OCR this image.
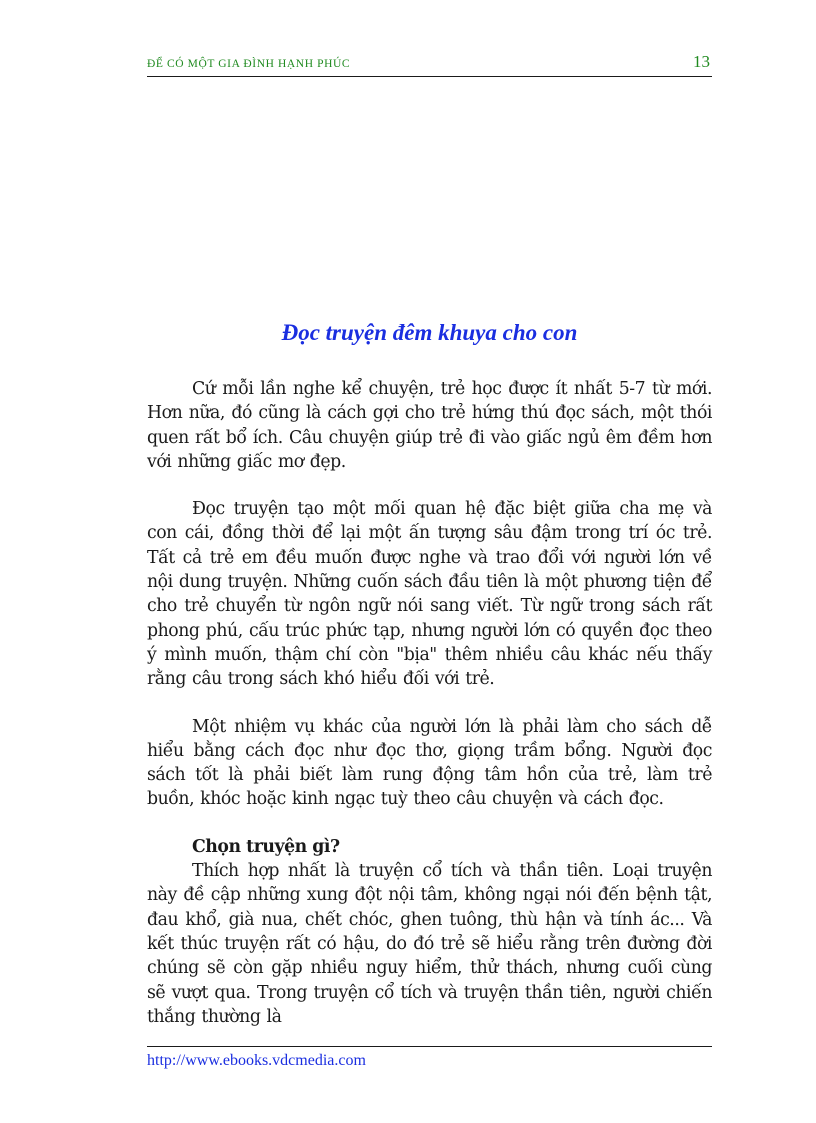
ĐỂ CÓ MỘT GIA ĐÌNH HẠNH PHÚC	13
Đọc truyện đêm khuya cho con

Cứ mỗi lần nghe kể chuyện, trẻ học được ít nhất 5-7 từ mới. Hơn nữa, đó cũng là cách gợi cho trẻ hứng thú đọc sách, một thói quen rất bổ ích. Câu chuyện giúp trẻ đi vào giấc ngủ êm đềm hơn với những giấc mơ đẹp.

Đọc truyện tạo một mối quan hệ đặc biệt giữa cha mẹ và con cái, đồng thời để lại một ấn tượng sâu đậm trong trí óc trẻ. Tất cả trẻ em đều muốn được nghe và trao đổi với người lớn về nội dung truyện. Những cuốn sách đầu tiên là một phương tiện để cho trẻ chuyển từ ngôn ngữ nói sang viết. Từ ngữ trong sách rất phong phú, cấu trúc phức tạp, nhưng người lớn có quyền đọc theo ý mình muốn, thậm chí còn "bịa" thêm nhiều câu khác nếu thấy rằng câu trong sách khó hiểu đối với trẻ.

Một nhiệm vụ khác của người lớn là phải làm cho sách dễ hiểu bằng cách đọc như đọc thơ, giọng trầm bổng. Người đọc sách tốt là phải biết làm rung động tâm hồn của trẻ, làm trẻ buồn, khóc hoặc kinh ngạc tuỳ theo câu chuyện và cách đọc.

Chọn truyện gì?

Thích hợp nhất là truyện cổ tích và thần tiên. Loại truyện này đề cập những xung đột nội tâm, không ngại nói đến bệnh tật, đau khổ, già nua, chết chóc, ghen tuông, thù hận và tính ác... Và kết thúc truyện rất có hậu, do đó trẻ sẽ hiểu rằng trên đường đời chúng sẽ còn gặp nhiều nguy hiểm, thử thách, nhưng cuối cùng sẽ vượt qua. Trong truyện cổ tích và truyện thần tiên, người chiến thắng thường là

http://www.ebooks.vdcmedia.com
